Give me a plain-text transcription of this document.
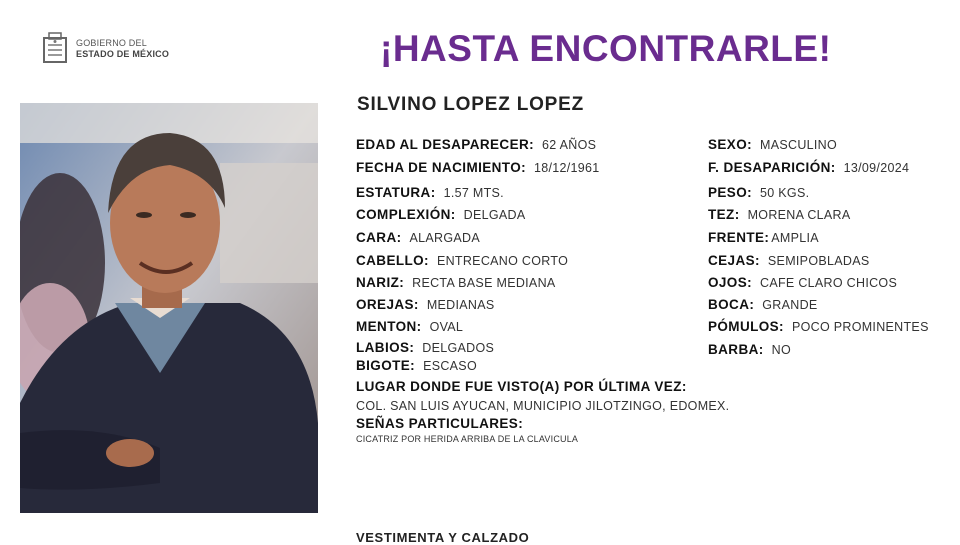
GOBIERNO DEL
ESTADO DE MÉXICO	¡HASTA ENCONTRARLE!
SILVINO LOPEZ LOPEZ
EDAD AL DESAPARECER: 62 AÑOS
FECHA DE NACIMIENTO: 18/12/1961
ESTATURA: 1.57 MTS.
COMPLEXIÓN: DELGADA
CARA: ALARGADA
CABELLO: ENTRECANO CORTO
NARIZ: RECTA BASE MEDIANA
OREJAS: MEDIANAS
MENTON: OVAL
LABIOS: DELGADOS
BIGOTE: ESCASO
SEXO: MASCULINO
F. DESAPARICIÓN: 13/09/2024
PESO: 50 KGS.
TEZ: MORENA CLARA
FRENTE: AMPLIA
CEJAS: SEMIPOBLADAS
OJOS: CAFE CLARO CHICOS
BOCA: GRANDE
PÓMULOS: POCO PROMINENTES
BARBA: NO
LUGAR DONDE FUE VISTO(A) POR ÚLTIMA VEZ:
COL. SAN LUIS AYUCAN, MUNICIPIO JILOTZINGO, EDOMEX.
SEÑAS PARTICULARES:
CICATRIZ POR HERIDA ARRIBA DE LA CLAVICULA
VESTIMENTA Y CALZADO
